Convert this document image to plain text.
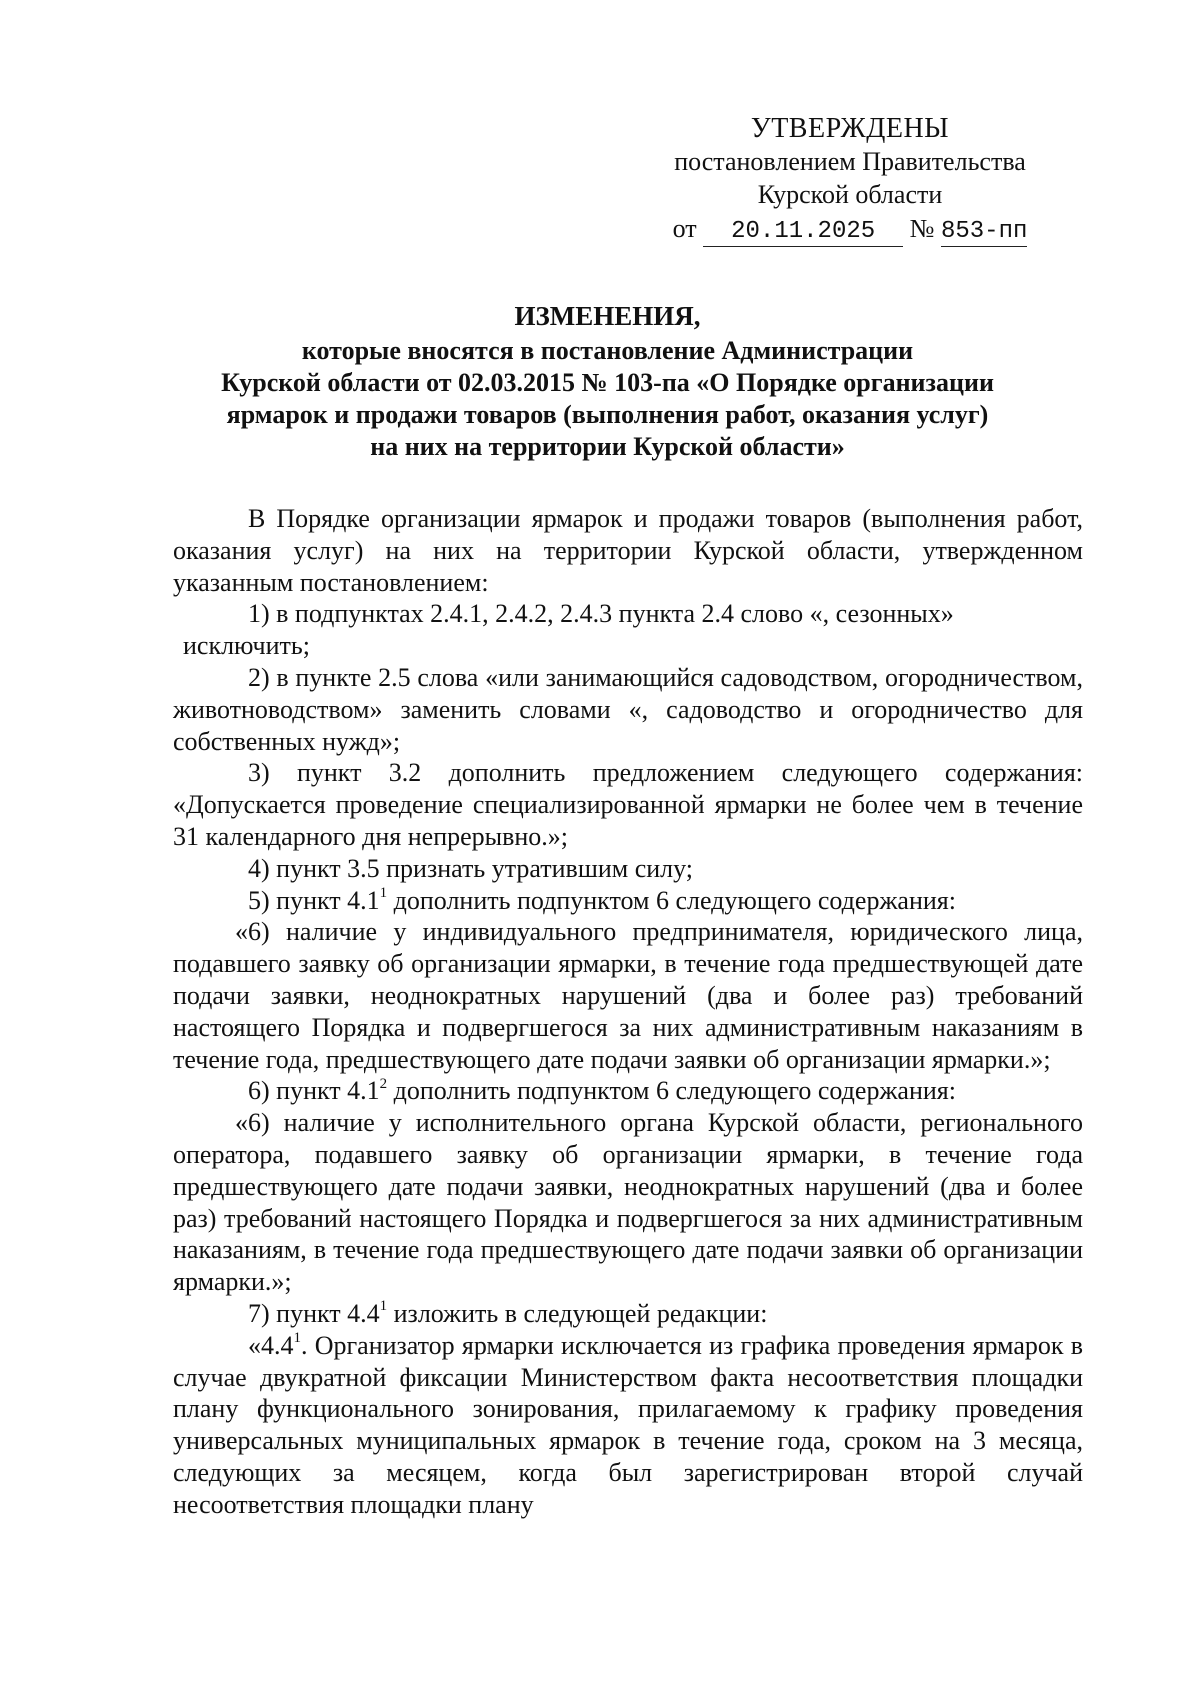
УТВЕРЖДЕНЫ
постановлением Правительства
Курской области
от 20.11.2025 № 853-пп
ИЗМЕНЕНИЯ,
которые вносятся в постановление Администрации
Курской области от 02.03.2015 № 103-па «О Порядке организации
ярмарок и продажи товаров (выполнения работ, оказания услуг)
на них на территории Курской области»

В Порядке организации ярмарок и продажи товаров (выполнения работ, оказания услуг) на них на территории Курской области, утвержденном указанным постановлением:

1) в подпунктах 2.4.1, 2.4.2, 2.4.3 пункта 2.4 слово «, сезонных»

исключить;

2) в пункте 2.5 слова «или занимающийся садоводством, огородничеством, животноводством» заменить словами «, садоводство и огородничество для собственных нужд»;

3) пункт 3.2 дополнить предложением следующего содержания: «Допускается проведение специализированной ярмарки не более чем в течение 31 календарного дня непрерывно.»;

4) пункт 3.5 признать утратившим силу;

5) пункт $4.1^1$ дополнить подпунктом 6 следующего содержания:

«6) наличие у индивидуального предпринимателя, юридического лица, подавшего заявку об организации ярмарки, в течение года предшествующей дате подачи заявки, неоднократных нарушений (два и более раз) требований настоящего Порядка и подвергшегося за них административным наказаниям в течение года, предшествующего дате подачи заявки об организации ярмарки.»;

6) пункт $4.1^2$ дополнить подпунктом 6 следующего содержания:

«6) наличие у исполнительного органа Курской области, регионального оператора, подавшего заявку об организации ярмарки, в течение года предшествующего дате подачи заявки, неоднократных нарушений (два и более раз) требований настоящего Порядка и подвергшегося за них административным наказаниям, в течение года предшествующего дате подачи заявки об организации ярмарки.»;

7) пункт $4.4^1$ изложить в следующей редакции:

«$4.4^1$. Организатор ярмарки исключается из графика проведения ярмарок в случае двукратной фиксации Министерством факта несоответствия площадки плану функционального зонирования, прилагаемому к графику проведения универсальных муниципальных ярмарок в течение года, сроком на 3 месяца, следующих за месяцем, когда был зарегистрирован второй случай несоответствия площадки плану
